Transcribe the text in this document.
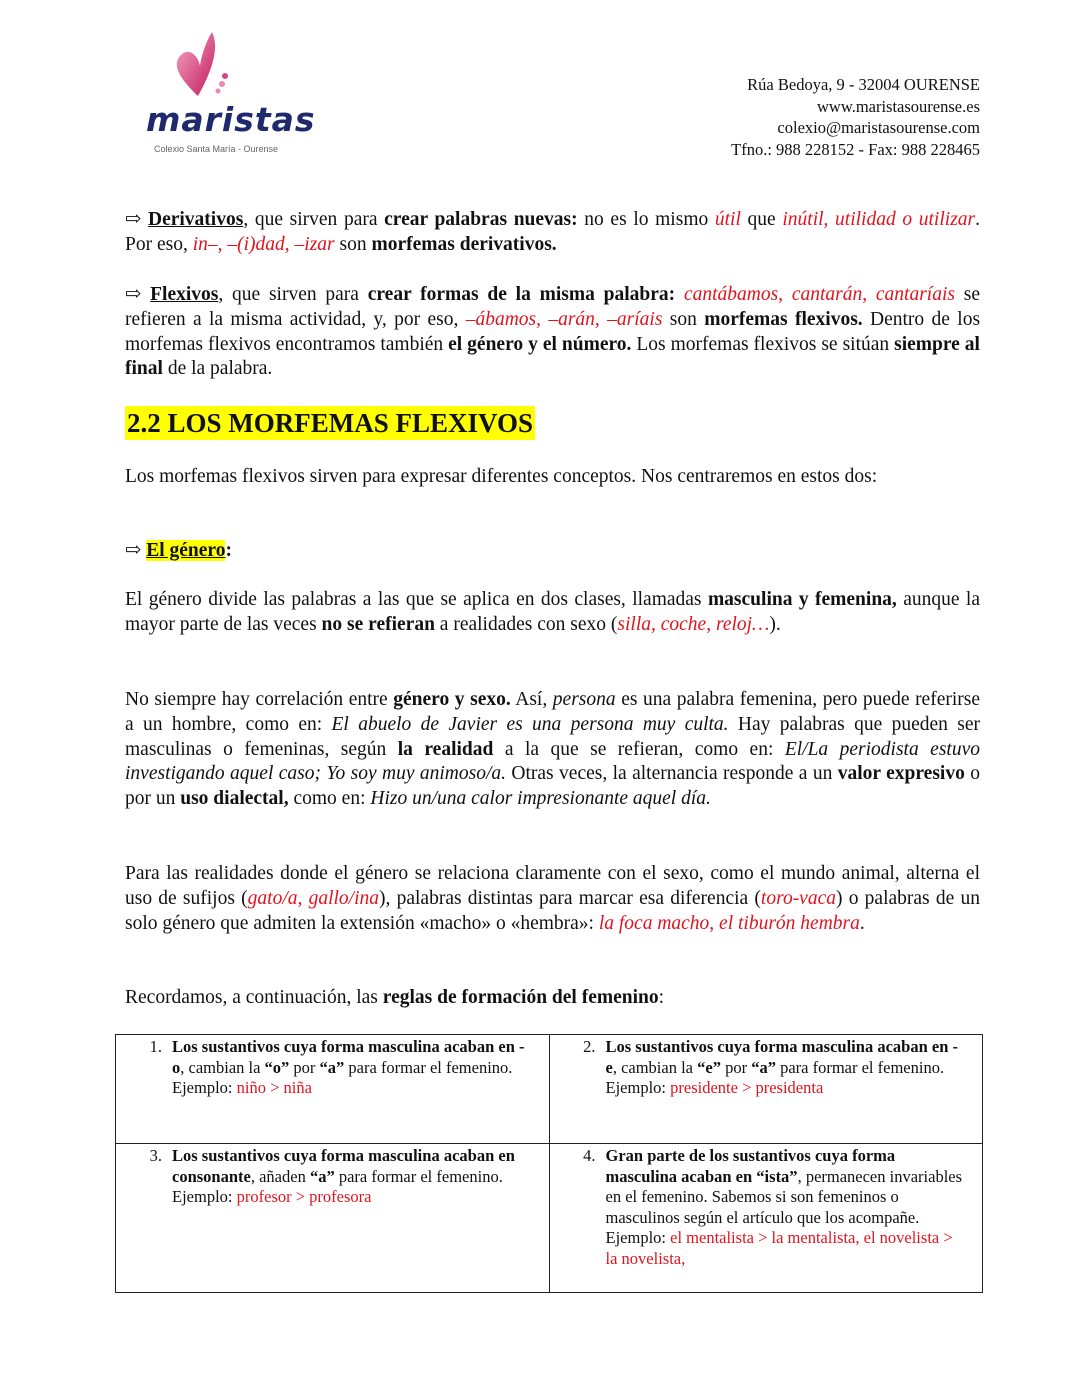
maristas
Colexio Santa María - Ourense
Rúa Bedoya, 9 - 32004 OURENSE
www.maristasourense.es
colexio@maristasourense.com
Tfno.: 988 228152 - Fax: 988 228465
⇨ Derivativos, que sirven para crear palabras nuevas: no es lo mismo útil que inútil, utilidad o utilizar. Por eso, in–, –(i)dad, –izar son morfemas derivativos.
⇨ Flexivos, que sirven para crear formas de la misma palabra: cantábamos, cantarán, cantaríais se refieren a la misma actividad, y, por eso, –ábamos, –arán, –aríais son morfemas flexivos. Dentro de los morfemas flexivos encontramos también el género y el número. Los morfemas flexivos se sitúan siempre al final de la palabra.
2.2 LOS MORFEMAS FLEXIVOS
Los morfemas flexivos sirven para expresar diferentes conceptos. Nos centraremos en estos dos:
⇨ El género:
El género divide las palabras a las que se aplica en dos clases, llamadas masculina y femenina, aunque la mayor parte de las veces no se refieran a realidades con sexo (silla, coche, reloj…).
No siempre hay correlación entre género y sexo. Así, persona es una palabra femenina, pero puede referirse a un hombre, como en: El abuelo de Javier es una persona muy culta. Hay palabras que pueden ser masculinas o femeninas, según la realidad a la que se refieran, como en: El/La periodista estuvo investigando aquel caso; Yo soy muy animoso/a. Otras veces, la alternancia responde a un valor expresivo o por un uso dialectal, como en: Hizo un/una calor impresionante aquel día.
Para las realidades donde el género se relaciona claramente con el sexo, como el mundo animal, alterna el uso de sufijos (gato/a, gallo/ina), palabras distintas para marcar esa diferencia (toro-vaca) o palabras de un solo género que admiten la extensión «macho» o «hembra»: la foca macho, el tiburón hembra.
Recordamos, a continuación, las reglas de formación del femenino:
1. Los sustantivos cuya forma masculina acaban en -o, cambian la “o” por “a” para formar el femenino. Ejemplo: niño > niña	2. Los sustantivos cuya forma masculina acaban en -e, cambian la “e” por “a” para formar el femenino. Ejemplo: presidente > presidenta

3. Los sustantivos cuya forma masculina acaban en consonante, añaden “a” para formar el femenino. Ejemplo: profesor > profesora	4. Gran parte de los sustantivos cuya forma masculina acaban en “ista”, permanecen invariables en el femenino. Sabemos si son femeninos o masculinos según el artículo que los acompañe. Ejemplo: el mentalista > la mentalista, el novelista > la novelista,
